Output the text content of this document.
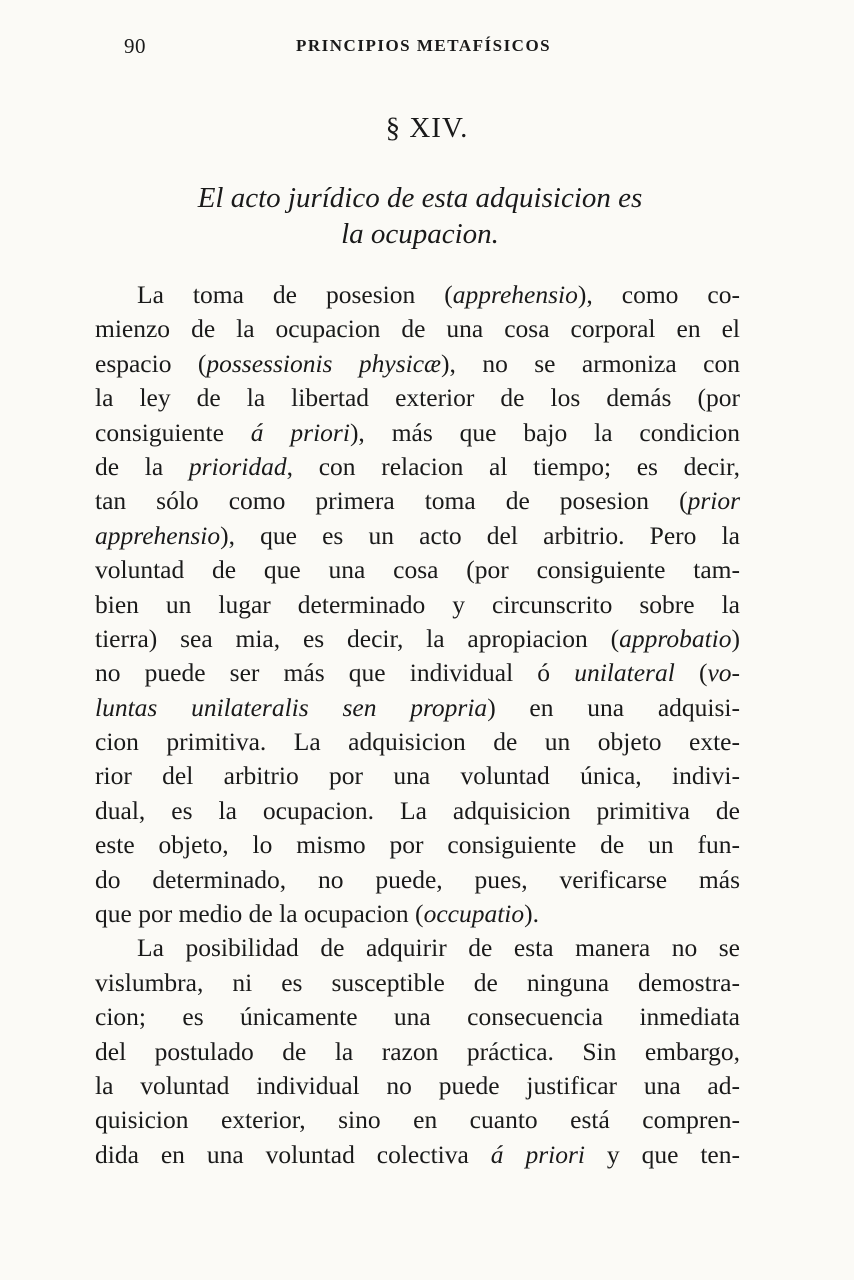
90	PRINCIPIOS METAFÍSICOS
§ XIV.
El acto jurídico de esta adquisicion es
la ocupacion.
La toma de posesion (apprehensio), como co-
mienzo de la ocupacion de una cosa corporal en el
espacio (possessionis physicæ), no se armoniza con
la ley de la libertad exterior de los demás (por
consiguiente á priori), más que bajo la condicion
de la prioridad, con relacion al tiempo; es decir,
tan sólo como primera toma de posesion (prior
apprehensio), que es un acto del arbitrio. Pero la
voluntad de que una cosa (por consiguiente tam-
bien un lugar determinado y circunscrito sobre la
tierra) sea mia, es decir, la apropiacion (approbatio)
no puede ser más que individual ó unilateral (vo-
luntas unilateralis sen propria) en una adquisi-
cion primitiva. La adquisicion de un objeto exte-
rior del arbitrio por una voluntad única, indivi-
dual, es la ocupacion. La adquisicion primitiva de
este objeto, lo mismo por consiguiente de un fun-
do determinado, no puede, pues, verificarse más
que por medio de la ocupacion (occupatio).
La posibilidad de adquirir de esta manera no se
vislumbra, ni es susceptible de ninguna demostra-
cion; es únicamente una consecuencia inmediata
del postulado de la razon práctica. Sin embargo,
la voluntad individual no puede justificar una ad-
quisicion exterior, sino en cuanto está compren-
dida en una voluntad colectiva á priori y que ten-
